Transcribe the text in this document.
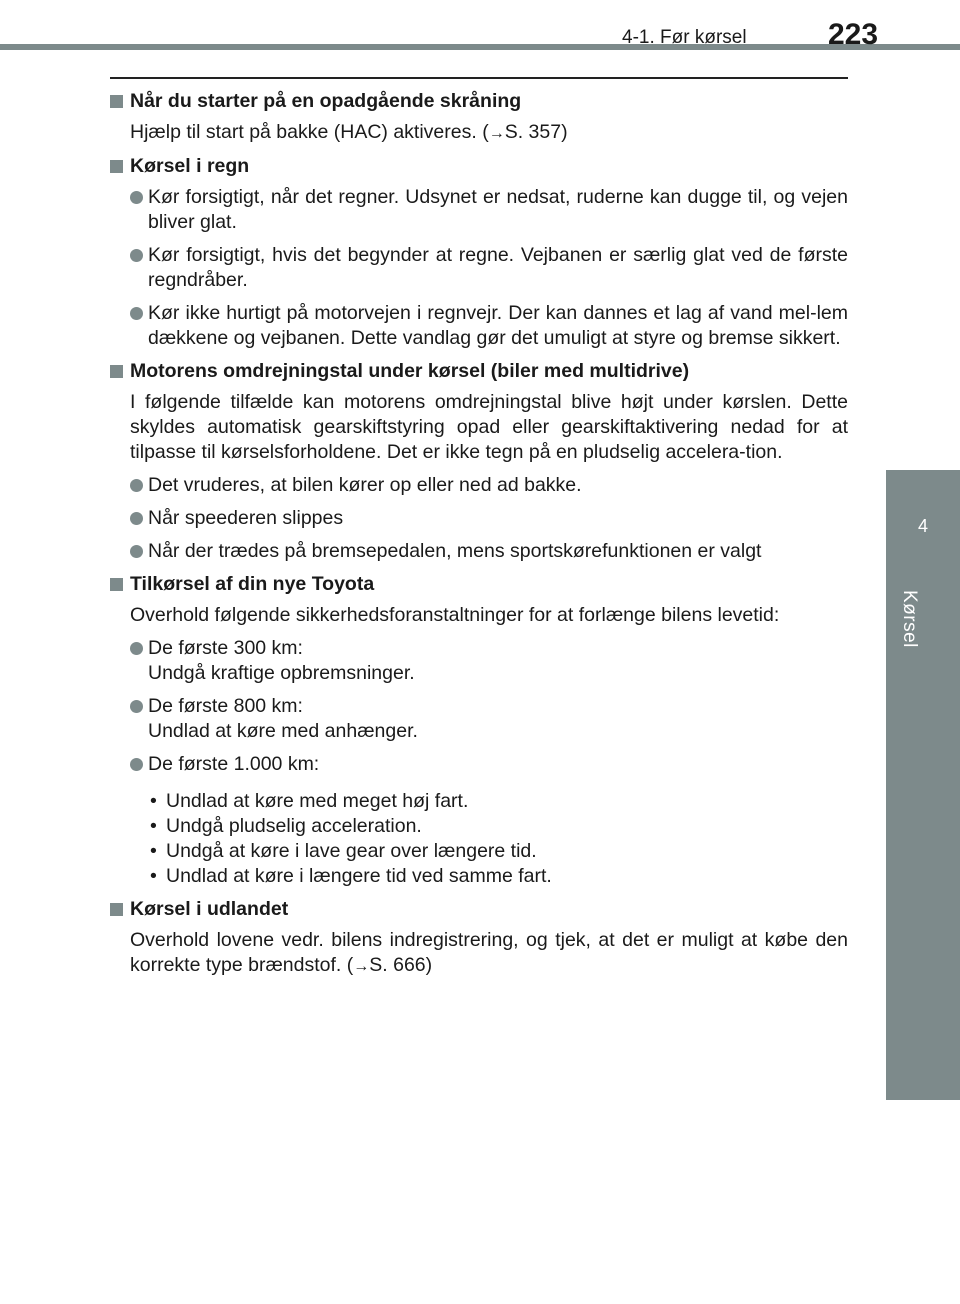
4-1. Før kørsel	223
4
Kørsel
Når du starter på en opadgående skråning
Hjælp til start på bakke (HAC) aktiveres. (→S. 357)
Kørsel i regn
Kør forsigtigt, når det regner. Udsynet er nedsat, ruderne kan dugge til, og vejen bliver glat.
Kør forsigtigt, hvis det begynder at regne. Vejbanen er særlig glat ved de første regndråber.
Kør ikke hurtigt på motorvejen i regnvejr. Der kan dannes et lag af vand mel-lem dækkene og vejbanen. Dette vandlag gør det umuligt at styre og bremse sikkert.
Motorens omdrejningstal under kørsel (biler med multidrive)
I følgende tilfælde kan motorens omdrejningstal blive højt under kørslen. Dette skyldes automatisk gearskiftstyring opad eller gearskiftaktivering nedad for at tilpasse til kørselsforholdene. Det er ikke tegn på en pludselig accelera-tion.
Det vruderes, at bilen kører op eller ned ad bakke.
Når speederen slippes
Når der trædes på bremsepedalen, mens sportskørefunktionen er valgt
Tilkørsel af din nye Toyota
Overhold følgende sikkerhedsforanstaltninger for at forlænge bilens levetid:
De første 300 km:
Undgå kraftige opbremsninger.
De første 800 km:
Undlad at køre med anhænger.
De første 1.000 km:
• Undlad at køre med meget høj fart.
• Undgå pludselig acceleration.
• Undgå at køre i lave gear over længere tid.
• Undlad at køre i længere tid ved samme fart.
Kørsel i udlandet
Overhold lovene vedr. bilens indregistrering, og tjek, at det er muligt at købe den korrekte type brændstof. (→S. 666)
